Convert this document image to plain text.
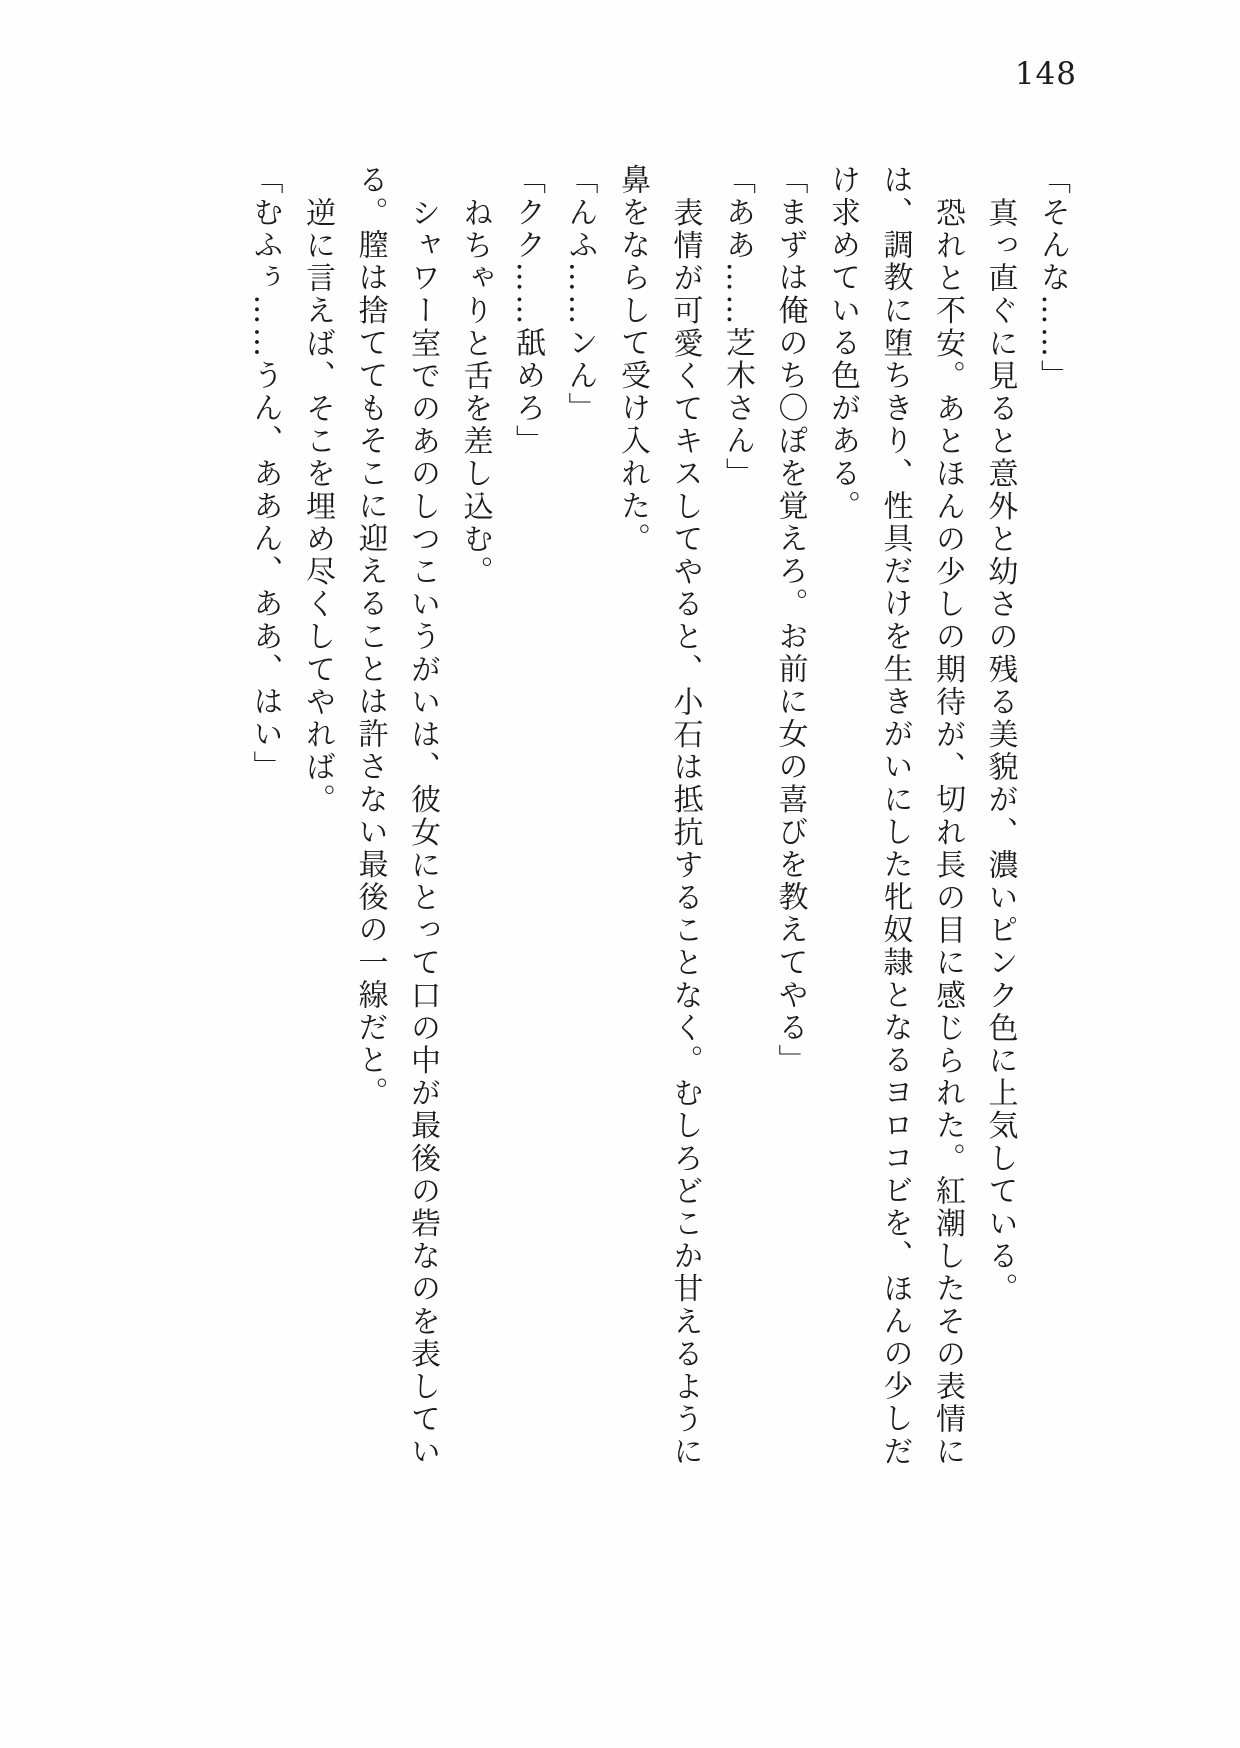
148
「そんな……」
真っ直ぐに見ると意外と幼さの残る美貌が、濃いピンク色に上気している。
恐れと不安。あとほんの少しの期待が、切れ長の目に感じられた。紅潮したその表情に
は、調教に堕ちきり、性具だけを生きがいにした牝奴隷となるヨロコビを、ほんの少しだ
け求めている色がある。
「まずは俺のち〇ぽを覚えろ。お前に女の喜びを教えてやる」
「ああ……芝木さん」
表情が可愛くてキスしてやると、小石は抵抗することなく。むしろどこか甘えるように
鼻をならして受け入れた。
「んふ……ンん」
「クク……舐めろ」
ねちゃりと舌を差し込む。
シャワー室でのあのしつこいうがいは、彼女にとって口の中が最後の砦なのを表してい
る。膣は捨ててもそこに迎えることは許さない最後の一線だと。
逆に言えば、そこを埋め尽くしてやれば。
「むふぅ……うん、ああん、ああ、はい」
